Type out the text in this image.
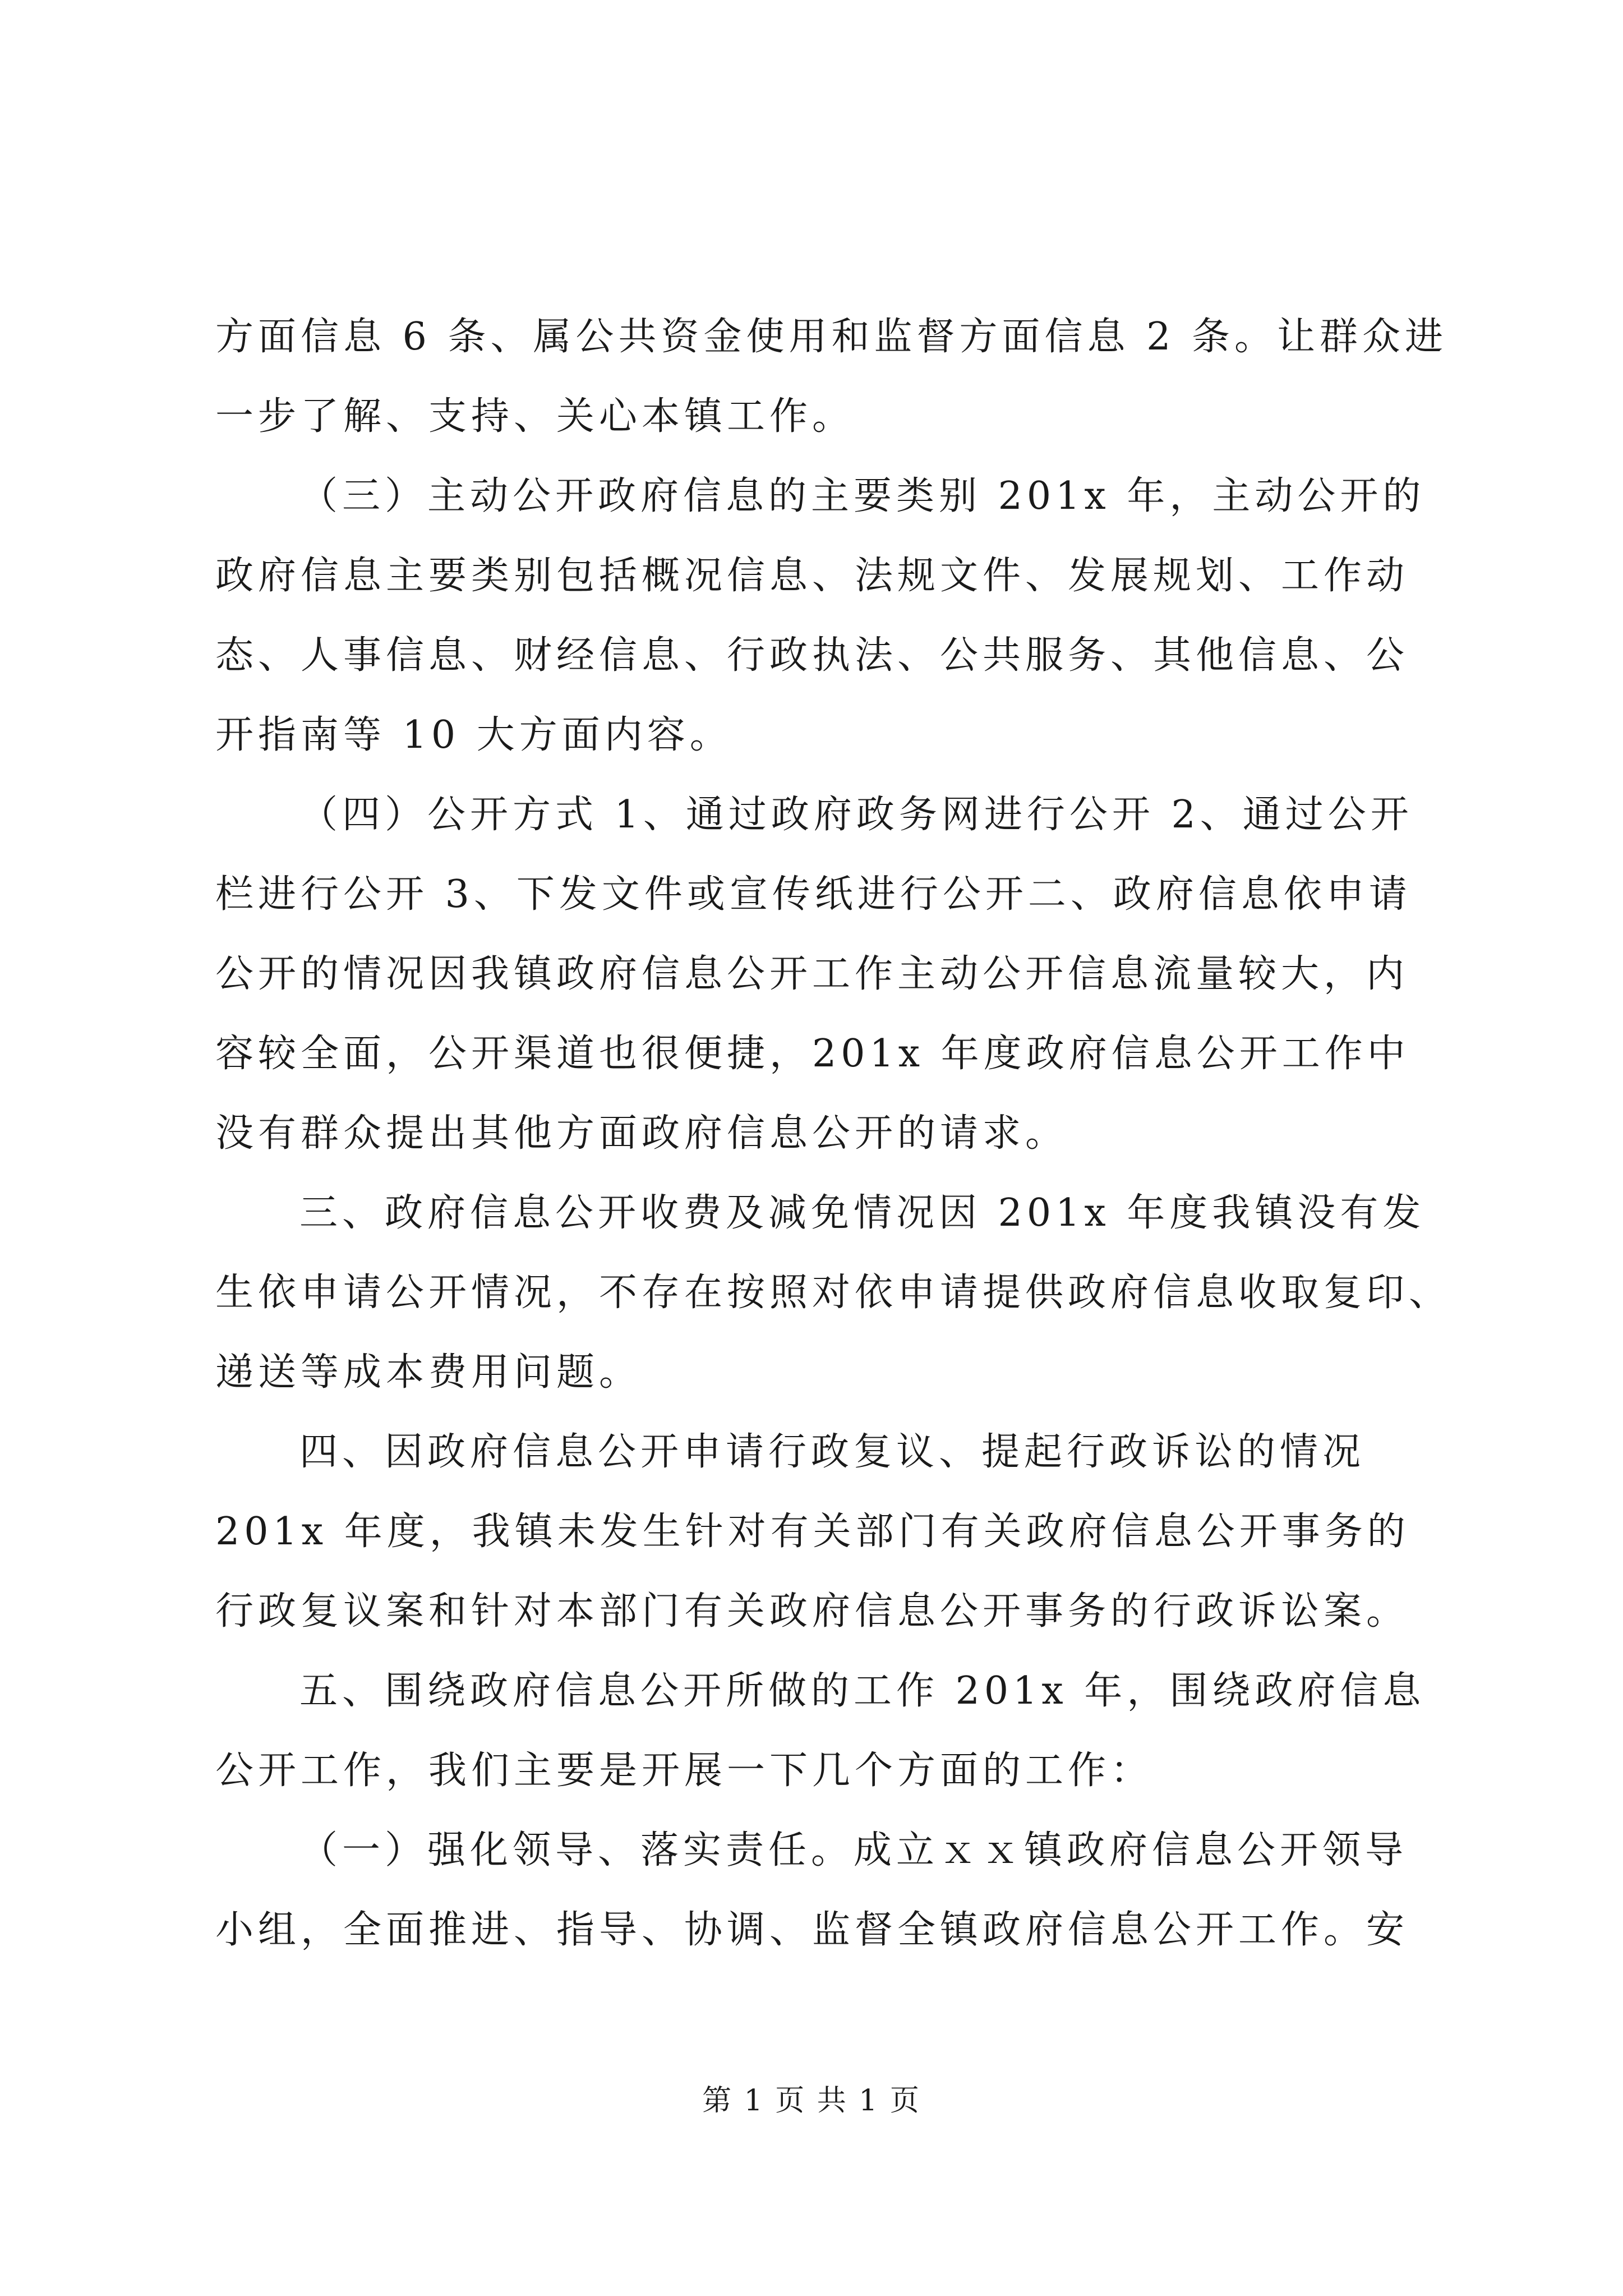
方面信息 6 条、属公共资金使用和监督方面信息 2 条。让群众进
一步了解、支持、关心本镇工作。
（三）主动公开政府信息的主要类别 201x 年，主动公开的
政府信息主要类别包括概况信息、法规文件、发展规划、工作动
态、人事信息、财经信息、行政执法、公共服务、其他信息、公
开指南等 10 大方面内容。
（四）公开方式 1、通过政府政务网进行公开 2、通过公开
栏进行公开 3、下发文件或宣传纸进行公开二、政府信息依申请
公开的情况因我镇政府信息公开工作主动公开信息流量较大，内
容较全面，公开渠道也很便捷，201x 年度政府信息公开工作中
没有群众提出其他方面政府信息公开的请求。
三、政府信息公开收费及减免情况因 201x 年度我镇没有发
生依申请公开情况，不存在按照对依申请提供政府信息收取复印、
递送等成本费用问题。
四、因政府信息公开申请行政复议、提起行政诉讼的情况
201x 年度，我镇未发生针对有关部门有关政府信息公开事务的
行政复议案和针对本部门有关政府信息公开事务的行政诉讼案。
五、围绕政府信息公开所做的工作 201x 年，围绕政府信息
公开工作，我们主要是开展一下几个方面的工作：
（一）强化领导、落实责任。成立ｘｘ镇政府信息公开领导
小组，全面推进、指导、协调、监督全镇政府信息公开工作。安
第 1 页 共 1 页
